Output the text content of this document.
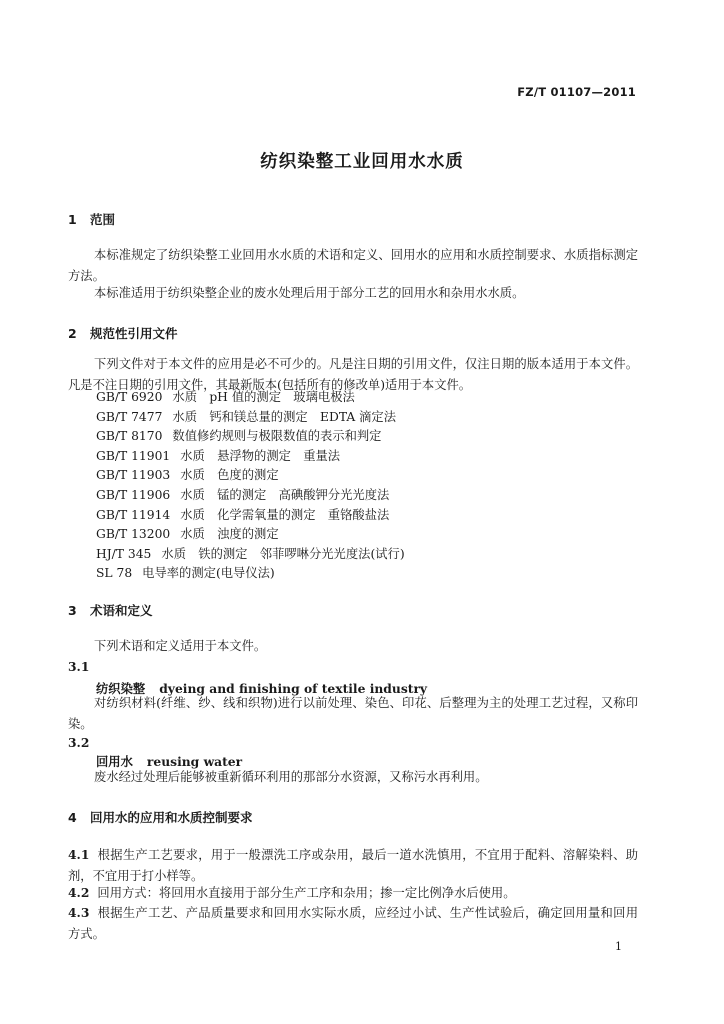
FZ/T 01107—2011
纺织染整工业回用水水质
1 范围
本标准规定了纺织染整工业回用水水质的术语和定义、回用水的应用和水质控制要求、水质指标测定方法。
本标准适用于纺织染整企业的废水处理后用于部分工艺的回用水和杂用水水质。
2 规范性引用文件
下列文件对于本文件的应用是必不可少的。凡是注日期的引用文件，仅注日期的版本适用于本文件。凡是不注日期的引用文件，其最新版本(包括所有的修改单)适用于本文件。
GB/T 6920 水质　pH 值的测定　玻璃电极法
GB/T 7477 水质　钙和镁总量的测定　EDTA 滴定法
GB/T 8170 数值修约规则与极限数值的表示和判定
GB/T 11901 水质　悬浮物的测定　重量法
GB/T 11903 水质　色度的测定
GB/T 11906 水质　锰的测定　高碘酸钾分光光度法
GB/T 11914 水质　化学需氧量的测定　重铬酸盐法
GB/T 13200 水质　浊度的测定
HJ/T 345 水质　铁的测定　邻菲啰啉分光光度法(试行)
SL 78 电导率的测定(电导仪法)
3 术语和定义
下列术语和定义适用于本文件。
3.1
纺织染整 dyeing and finishing of textile industry
对纺织材料(纤维、纱、线和织物)进行以前处理、染色、印花、后整理为主的处理工艺过程，又称印染。
3.2
回用水 reusing water
废水经过处理后能够被重新循环利用的那部分水资源，又称污水再利用。
4 回用水的应用和水质控制要求
4.1 根据生产工艺要求，用于一般漂洗工序或杂用，最后一道水洗慎用，不宜用于配料、溶解染料、助剂，不宜用于打小样等。
4.2 回用方式：将回用水直接用于部分生产工序和杂用；掺一定比例净水后使用。
4.3 根据生产工艺、产品质量要求和回用水实际水质，应经过小试、生产性试验后，确定回用量和回用方式。
1
